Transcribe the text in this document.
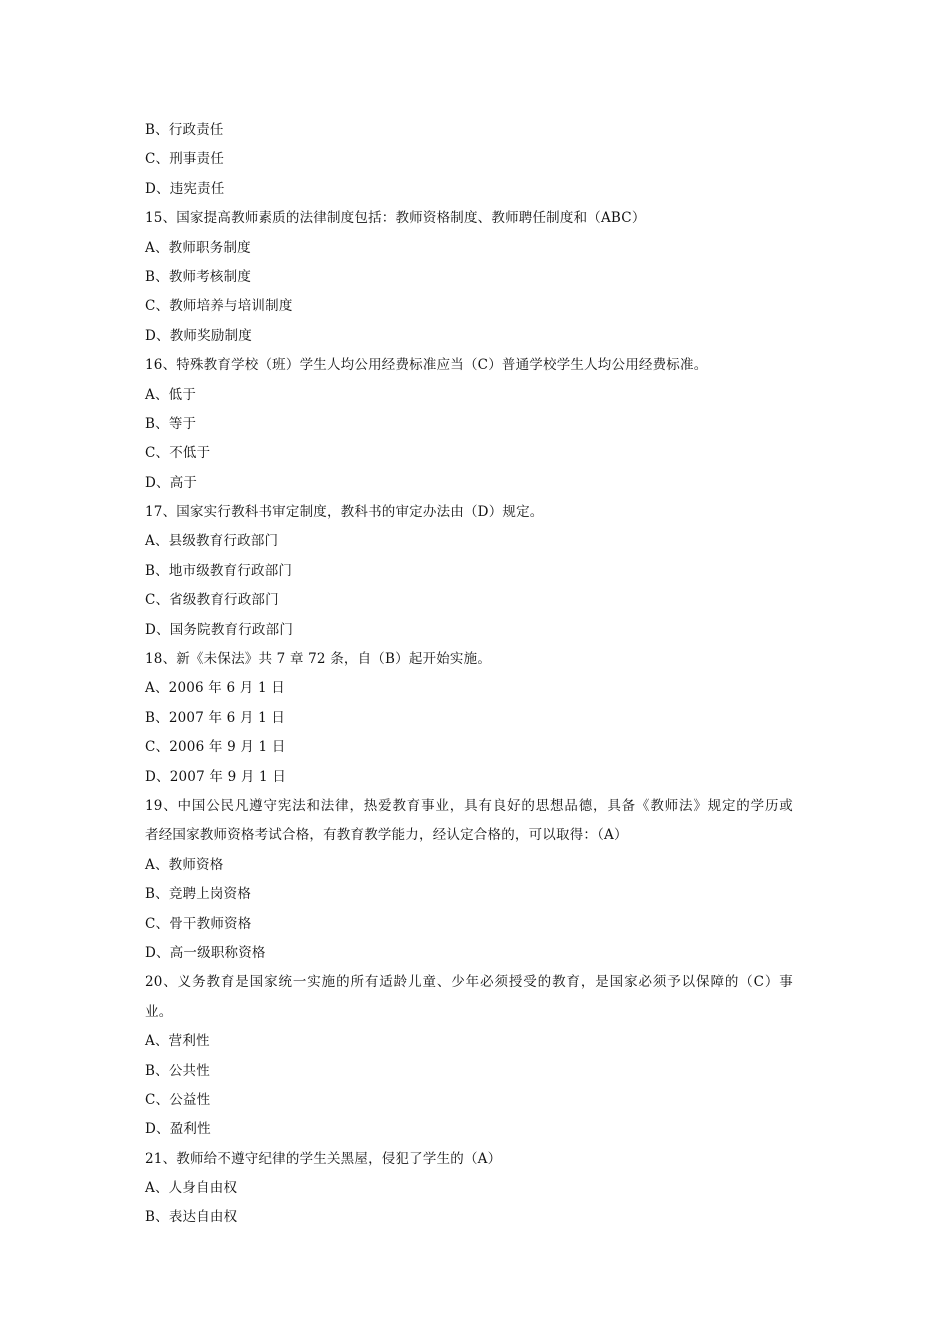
B、行政责任
C、刑事责任
D、违宪责任
15、国家提高教师素质的法律制度包括：教师资格制度、教师聘任制度和（ABC）
A、教师职务制度
B、教师考核制度
C、教师培养与培训制度
D、教师奖励制度
16、特殊教育学校（班）学生人均公用经费标准应当（C）普通学校学生人均公用经费标准。
A、低于
B、等于
C、不低于
D、高于
17、国家实行教科书审定制度，教科书的审定办法由（D）规定。
A、县级教育行政部门
B、地市级教育行政部门
C、省级教育行政部门
D、国务院教育行政部门
18、新《未保法》共 7 章 72 条，自（B）起开始实施。
A、2006 年 6 月 1 日
B、2007 年 6 月 1 日
C、2006 年 9 月 1 日
D、2007 年 9 月 1 日
19、中国公民凡遵守宪法和法律，热爱教育事业，具有良好的思想品德，具备《教师法》规定的学历或
者经国家教师资格考试合格，有教育教学能力，经认定合格的，可以取得：（A）
A、教师资格
B、竞聘上岗资格
C、骨干教师资格
D、高一级职称资格
20、义务教育是国家统一实施的所有适龄儿童、少年必须授受的教育，是国家必须予以保障的（C）事
业。
A、营利性
B、公共性
C、公益性
D、盈利性
21、教师给不遵守纪律的学生关黑屋，侵犯了学生的（A）
A、人身自由权
B、表达自由权
